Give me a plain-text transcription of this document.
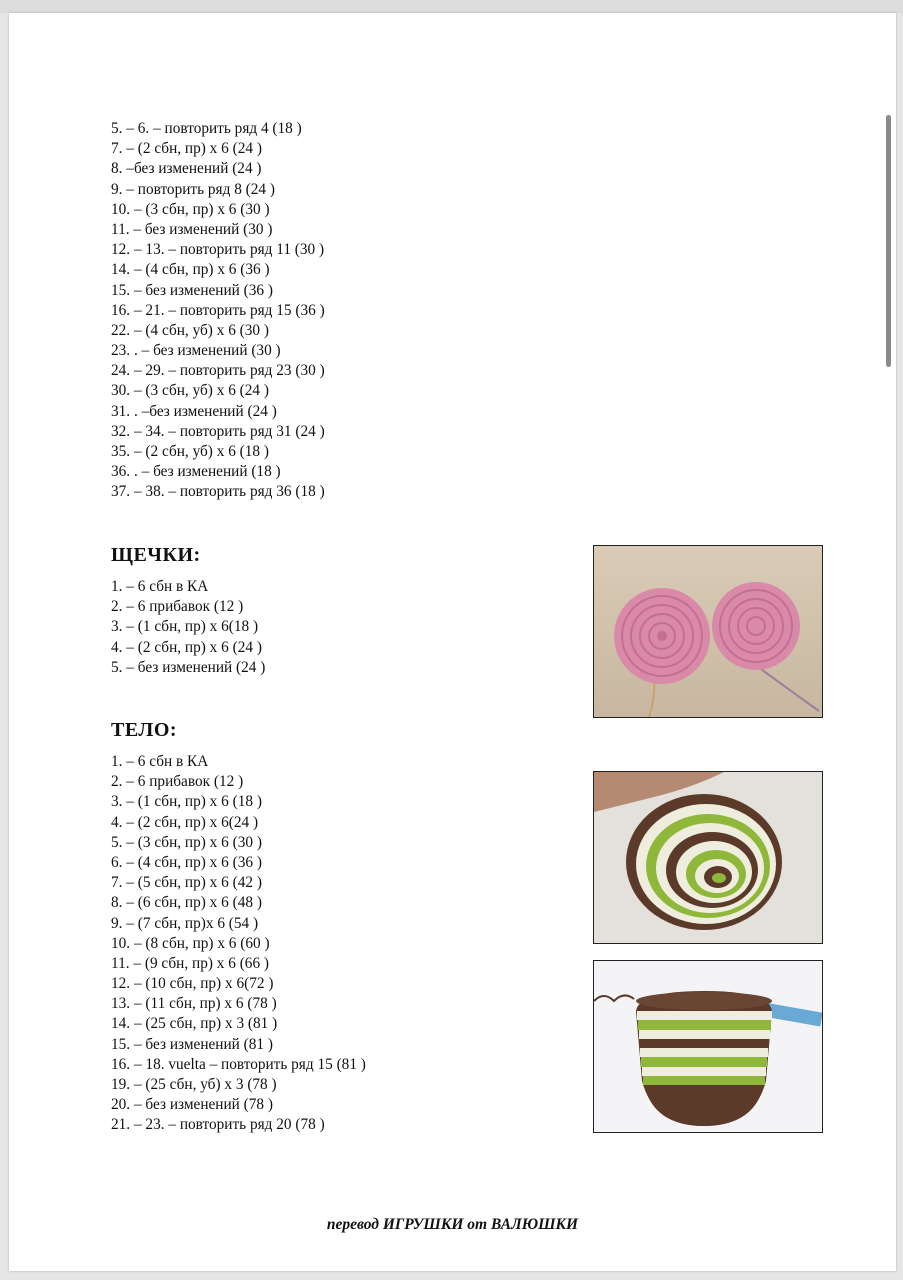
5. – 6. – повторить ряд 4 (18 )
7. – (2 сбн, пр) х 6 (24 )
8. –без изменений (24 )
9. – повторить ряд 8 (24 )
10. – (3 сбн, пр) х 6 (30 )
11. – без изменений (30 )
12. – 13. – повторить ряд 11 (30 )
14. – (4 сбн, пр) х 6 (36 )
15. – без изменений (36 )
16. – 21. – повторить ряд 15 (36 )
22. – (4 сбн, уб) х 6 (30 )
23. . – без изменений (30 )
24. – 29. – повторить ряд 23 (30 )
30. – (3 сбн, уб) х 6 (24 )
31. . –без изменений (24 )
32. – 34. – повторить ряд 31 (24 )
35. – (2 сбн, уб) х 6 (18 )
36. . – без изменений (18 )
37. – 38. – повторить ряд 36 (18 )
ЩЕЧКИ:
1. – 6 сбн в КА
2. – 6 прибавок (12 )
3. – (1 сбн, пр) х 6(18 )
4. – (2 сбн, пр) х 6 (24 )
5. – без изменений (24 )
ТЕЛО:
1. – 6 сбн в КА
2. – 6 прибавок (12 )
3. – (1 сбн, пр) х 6 (18 )
4. – (2 сбн, пр) х 6(24 )
5. – (3 сбн, пр) х 6 (30 )
6. – (4 сбн, пр) х 6 (36 )
7. – (5 сбн, пр) х 6 (42 )
8. – (6 сбн, пр) х 6 (48 )
9. – (7 сбн, пр)х 6 (54 )
10. – (8 сбн, пр) х 6 (60 )
11. – (9 сбн, пр) х 6 (66 )
12. – (10 сбн, пр) х 6(72 )
13. – (11 сбн, пр) х 6 (78 )
14. – (25 сбн, пр) х 3 (81 )
15. – без изменений (81 )
16. – 18. vuelta – повторить ряд 15 (81 )
19. – (25 сбн, уб) х 3 (78 )
20. – без изменений (78 )
21. – 23. – повторить ряд 20 (78 )
перевод ИГРУШКИ от ВАЛЮШКИ
